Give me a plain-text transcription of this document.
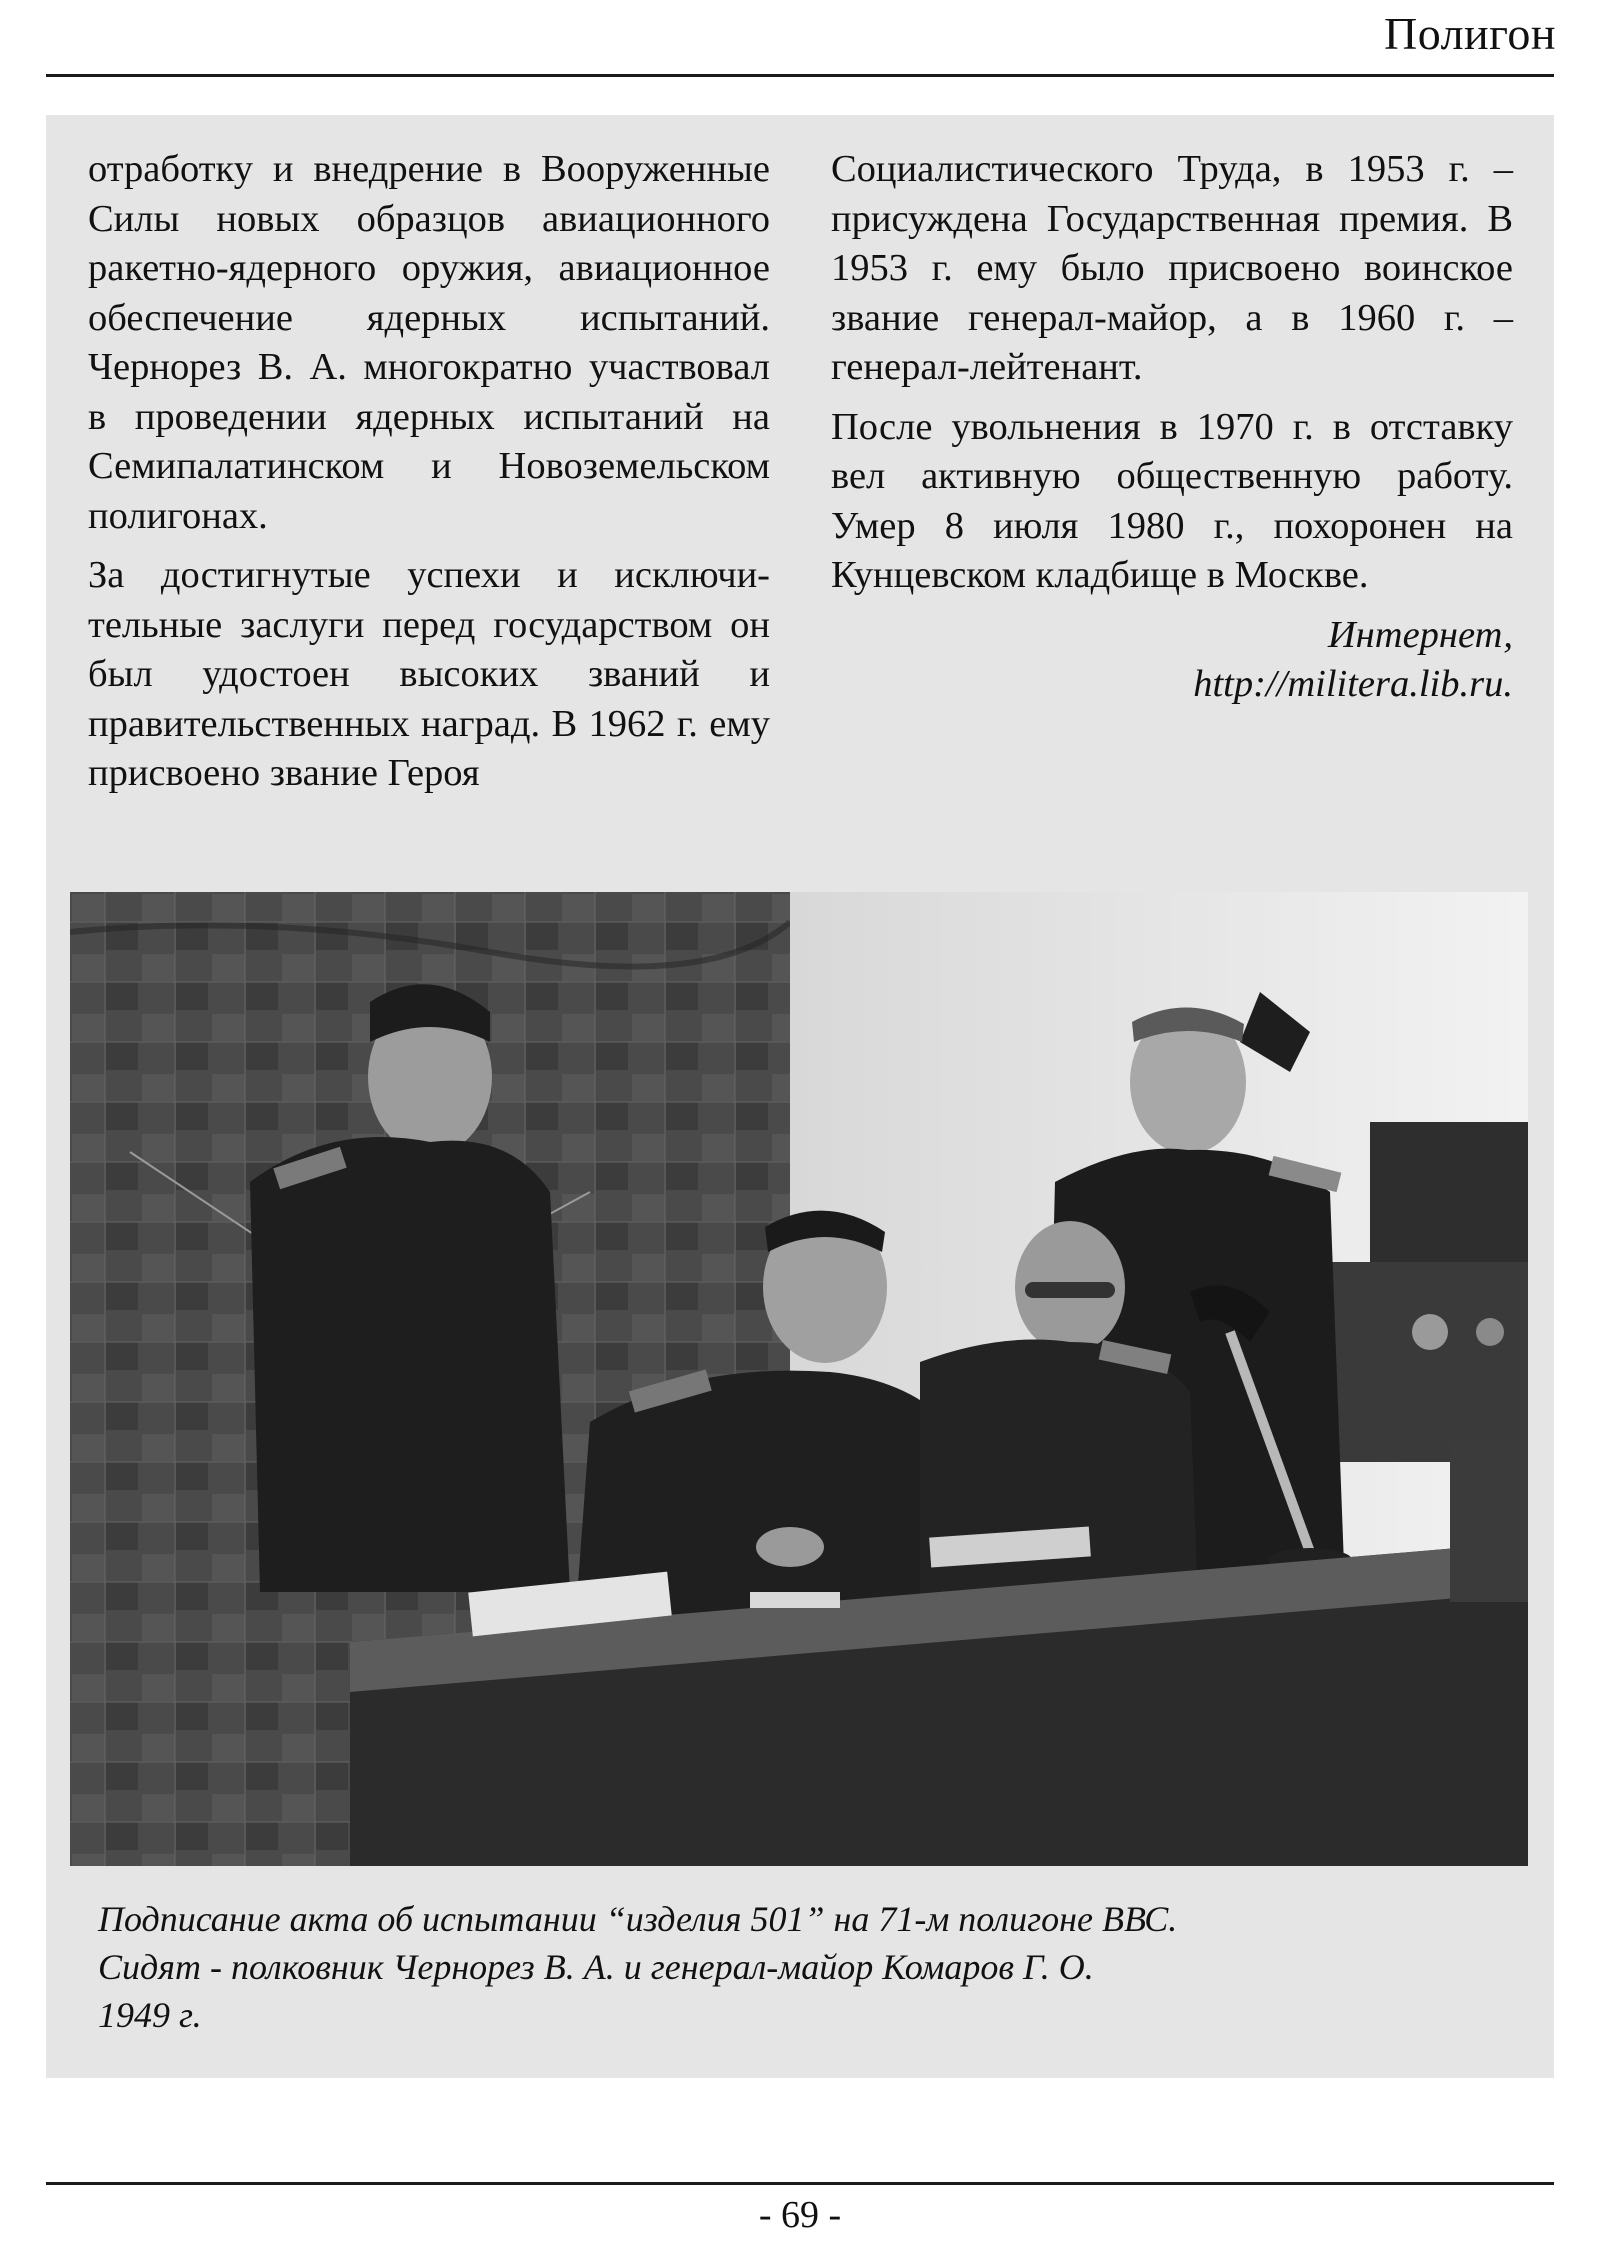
Полигон

отработку и внедрение в Вооруженные Силы новых образцов авиационного ракетно-ядерного оружия, авиационное обеспечение ядерных испытаний. Чернорез В. А. многократно участвовал в проведении ядерных испытаний на Семипалатинском и Новоземельском полигонах.

За достигнутые успехи и исключительные заслуги перед государством он был удостоен высоких званий и правительственных наград. В 1962 г. ему присвоено звание Героя

Социалистического Труда, в 1953 г. – присуждена Государственная премия. В 1953 г. ему было присвоено воинское звание генерал-майор, а в 1960 г. – генерал-лейтенант.

После увольнения в 1970 г. в отставку вел активную общественную работу. Умер 8 июля 1980 г., похоронен на Кунцевском кладбище в Москве.

Интернет,
http://militera.lib.ru.

Подписание акта об испытании “изделия 501” на 71-м полигоне ВВС.
Сидят - полковник Чернорез В. А. и генерал-майор Комаров Г. О.
1949 г.
- 69 -
